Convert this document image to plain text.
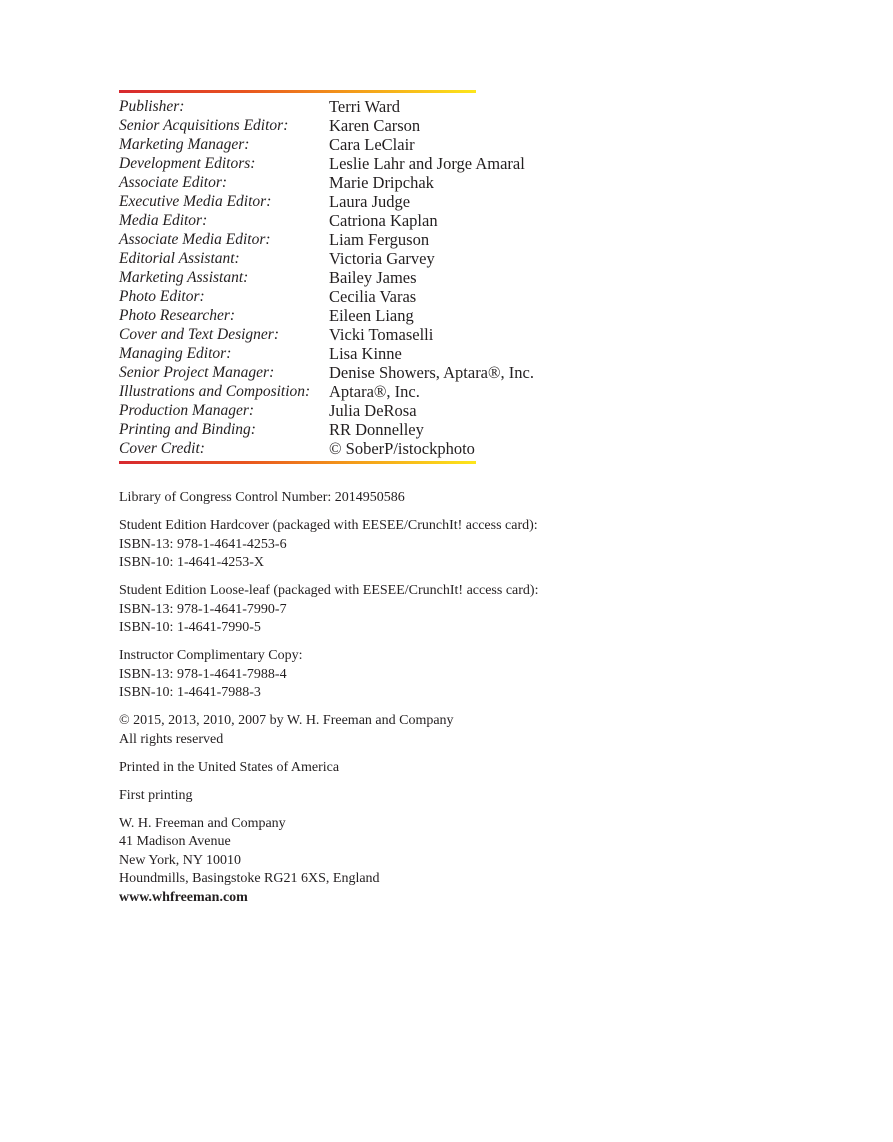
Publisher:	Terri Ward
Senior Acquisitions Editor:	Karen Carson
Marketing Manager:	Cara LeClair
Development Editors:	Leslie Lahr and Jorge Amaral
Associate Editor:	Marie Dripchak
Executive Media Editor:	Laura Judge
Media Editor:	Catriona Kaplan
Associate Media Editor:	Liam Ferguson
Editorial Assistant:	Victoria Garvey
Marketing Assistant:	Bailey James
Photo Editor:	Cecilia Varas
Photo Researcher:	Eileen Liang
Cover and Text Designer:	Vicki Tomaselli
Managing Editor:	Lisa Kinne
Senior Project Manager:	Denise Showers, Aptara®, Inc.
Illustrations and Composition:	Aptara®, Inc.
Production Manager:	Julia DeRosa
Printing and Binding:	RR Donnelley
Cover Credit:	© SoberP/istockphoto
Library of Congress Control Number: 2014950586
Student Edition Hardcover (packaged with EESEE/CrunchIt! access card):
ISBN-13: 978-1-4641-4253-6
ISBN-10: 1-4641-4253-X
Student Edition Loose-leaf (packaged with EESEE/CrunchIt! access card):
ISBN-13: 978-1-4641-7990-7
ISBN-10: 1-4641-7990-5
Instructor Complimentary Copy:
ISBN-13: 978-1-4641-7988-4
ISBN-10: 1-4641-7988-3
© 2015, 2013, 2010, 2007 by W. H. Freeman and Company
All rights reserved
Printed in the United States of America
First printing
W. H. Freeman and Company
41 Madison Avenue
New York, NY 10010
Houndmills, Basingstoke RG21 6XS, England
www.whfreeman.com
